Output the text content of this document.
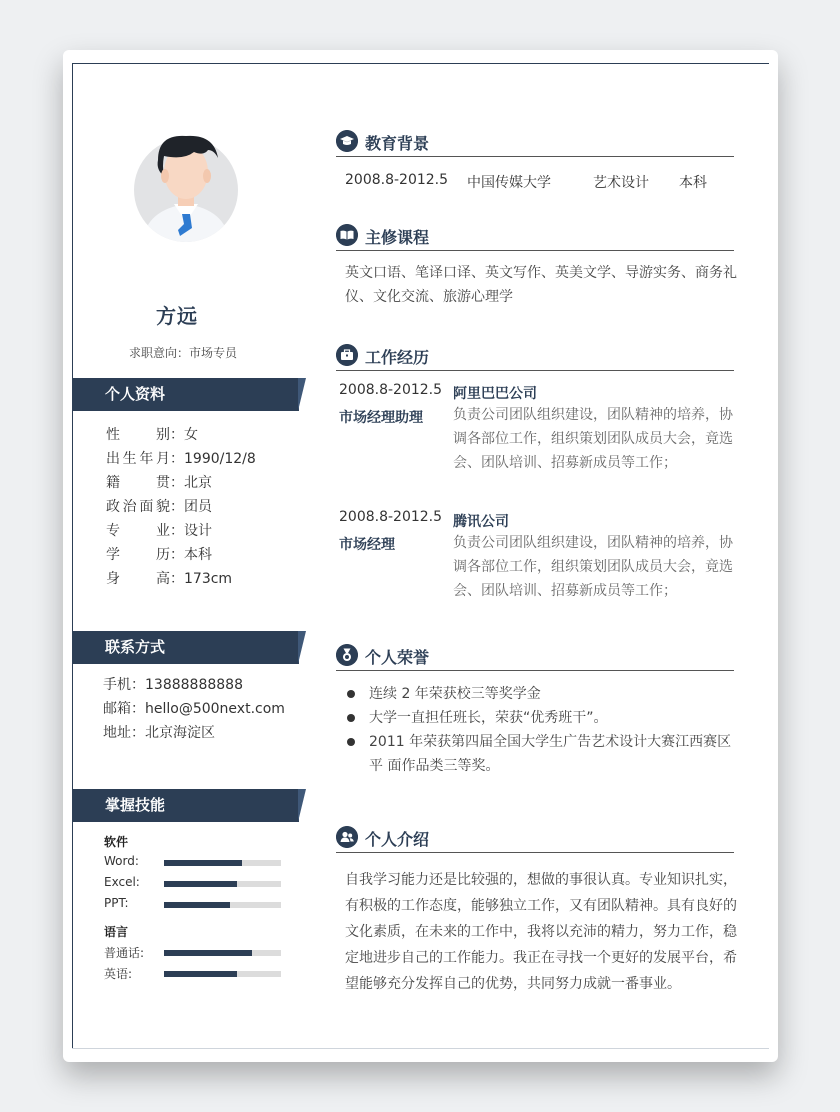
方远
求职意向：市场专员
个人资料
性别：女
出生年月：1990/12/8
籍贯：北京
政治面貌：团员
专业：设计
学历：本科
身高：173cm
联系方式
手机：13888888888
邮箱：hello@500next.com
地址：北京海淀区
掌握技能
软件
Word:
Excel:
PPT:
语言
普通话:
英语:
教育背景
2008.8-2012.5 中国传媒大学	艺术设计 本科
主修课程
英文口语、笔译口译、英文写作、英美文学、导游实务、商务礼仪、文化交流、旅游心理学
工作经历
2008.8-2012.5 阿里巴巴公司
市场经理助理 负责公司团队组织建设，团队精神的培养，协调各部位工作，组织策划团队成员大会，竟选会、团队培训、招募新成员等工作；
2008.8-2012.5 腾讯公司
市场经理	负责公司团队组织建设，团队精神的培养，协调各部位工作，组织策划团队成员大会，竟选会、团队培训、招募新成员等工作；
个人荣誉
连续 2 年荣获校三等奖学金
大学一直担任班长，荣获“优秀班干”。
2011 年荣获第四届全国大学生广告艺术设计大赛江西赛区平 面作品类三等奖。
个人介绍
自我学习能力还是比较强的，想做的事很认真。专业知识扎实，有积极的工作态度，能够独立工作，又有团队精神。具有良好的文化素质，在未来的工作中，我将以充沛的精力，努力工作，稳定地进步自己的工作能力。我正在寻找一个更好的发展平台，希望能够充分发挥自己的优势，共同努力成就一番事业。
